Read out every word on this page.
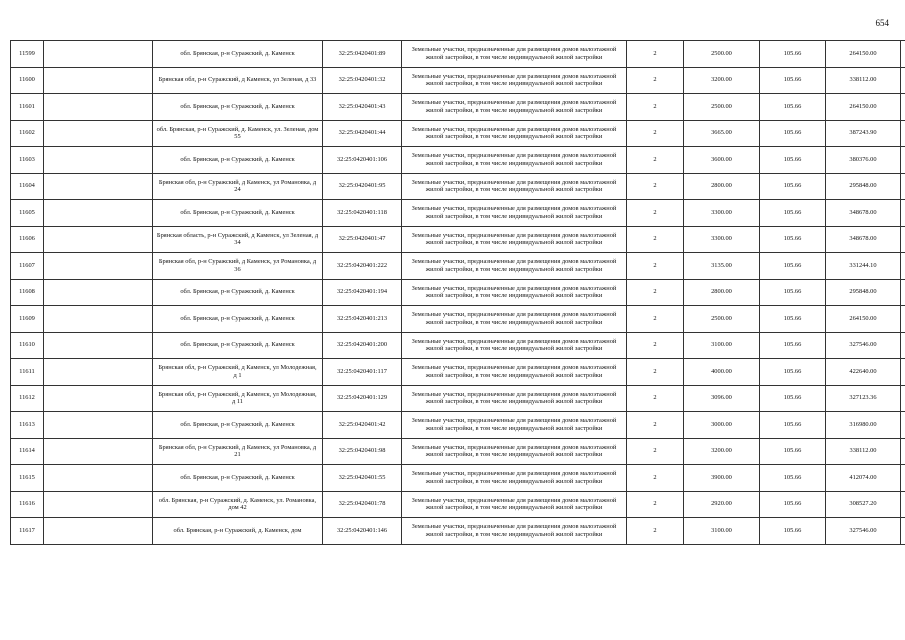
654
11599		обл. Брянская, р-н Суражский, д. Каменск	32:25:0420401:89	Земельные участки, предназначенные для размещения домов малоэтажной жилой застройки, в том числе индивидуальной жилой застройки	2	2500.00	105.66	264150.00	
11600		Брянская обл, р-н Суражский, д Каменск, ул Зеленая, д 33	32:25:0420401:32	Земельные участки, предназначенные для размещения домов малоэтажной жилой застройки, в том числе индивидуальной жилой застройки	2	3200.00	105.66	338112.00	
11601		обл. Брянская, р-н Суражский, д. Каменск	32:25:0420401:43	Земельные участки, предназначенные для размещения домов малоэтажной жилой застройки, в том числе индивидуальной жилой застройки	2	2500.00	105.66	264150.00	
11602		обл. Брянская, р-н Суражский, д. Каменск, ул. Зеленая, дом 55	32:25:0420401:44	Земельные участки, предназначенные для размещения домов малоэтажной жилой застройки, в том числе индивидуальной жилой застройки	2	3665.00	105.66	387243.90	
11603		обл. Брянская, р-н Суражский, д. Каменск	32:25:0420401:106	Земельные участки, предназначенные для размещения домов малоэтажной жилой застройки, в том числе индивидуальной жилой застройки	2	3600.00	105.66	380376.00	
11604		Брянская обл, р-н Суражский, д Каменск, ул Романовка, д 24	32:25:0420401:95	Земельные участки, предназначенные для размещения домов малоэтажной жилой застройки, в том числе индивидуальной жилой застройки	2	2800.00	105.66	295848.00	
11605		обл. Брянская, р-н Суражский, д. Каменск	32:25:0420401:118	Земельные участки, предназначенные для размещения домов малоэтажной жилой застройки, в том числе индивидуальной жилой застройки	2	3300.00	105.66	348678.00	
11606		Брянская область, р-н Суражский, д Каменск, ул Зеленая, д 34	32:25:0420401:47	Земельные участки, предназначенные для размещения домов малоэтажной жилой застройки, в том числе индивидуальной жилой застройки	2	3300.00	105.66	348678.00	
11607		Брянская обл, р-н Суражский, д Каменск, ул Романовка, д 36	32:25:0420401:222	Земельные участки, предназначенные для размещения домов малоэтажной жилой застройки, в том числе индивидуальной жилой застройки	2	3135.00	105.66	331244.10	
11608		обл. Брянская, р-н Суражский, д. Каменск	32:25:0420401:194	Земельные участки, предназначенные для размещения домов малоэтажной жилой застройки, в том числе индивидуальной жилой застройки	2	2800.00	105.66	295848.00	
11609		обл. Брянская, р-н Суражский, д. Каменск	32:25:0420401:213	Земельные участки, предназначенные для размещения домов малоэтажной жилой застройки, в том числе индивидуальной жилой застройки	2	2500.00	105.66	264150.00	
11610		обл. Брянская, р-н Суражский, д. Каменск	32:25:0420401:200	Земельные участки, предназначенные для размещения домов малоэтажной жилой застройки, в том числе индивидуальной жилой застройки	2	3100.00	105.66	327546.00	
11611		Брянская обл, р-н Суражский, д Каменск, ул Молодежная, д 1	32:25:0420401:117	Земельные участки, предназначенные для размещения домов малоэтажной жилой застройки, в том числе индивидуальной жилой застройки	2	4000.00	105.66	422640.00	
11612		Брянская обл, р-н Суражский, д Каменск, ул Молодежная, д 11	32:25:0420401:129	Земельные участки, предназначенные для размещения домов малоэтажной жилой застройки, в том числе индивидуальной жилой застройки	2	3096.00	105.66	327123.36	
11613		обл. Брянская, р-н Суражский, д. Каменск	32:25:0420401:42	Земельные участки, предназначенные для размещения домов малоэтажной жилой застройки, в том числе индивидуальной жилой застройки	2	3000.00	105.66	316980.00	
11614		Брянская обл, р-н Суражский, д Каменск, ул Романовка, д 21	32:25:0420401:98	Земельные участки, предназначенные для размещения домов малоэтажной жилой застройки, в том числе индивидуальной жилой застройки	2	3200.00	105.66	338112.00	
11615		обл. Брянская, р-н Суражский, д. Каменск	32:25:0420401:55	Земельные участки, предназначенные для размещения домов малоэтажной жилой застройки, в том числе индивидуальной жилой застройки	2	3900.00	105.66	412074.00	
11616		обл. Брянская, р-н Суражский, д. Каменск, ул. Романовка, дом 42	32:25:0420401:78	Земельные участки, предназначенные для размещения домов малоэтажной жилой застройки, в том числе индивидуальной жилой застройки	2	2920.00	105.66	308527.20	
11617		обл. Брянская, р-н Суражский, д. Каменск, дом	32:25:0420401:146	Земельные участки, предназначенные для размещения домов малоэтажной жилой застройки, в том числе индивидуальной жилой застройки	2	3100.00	105.66	327546.00	
